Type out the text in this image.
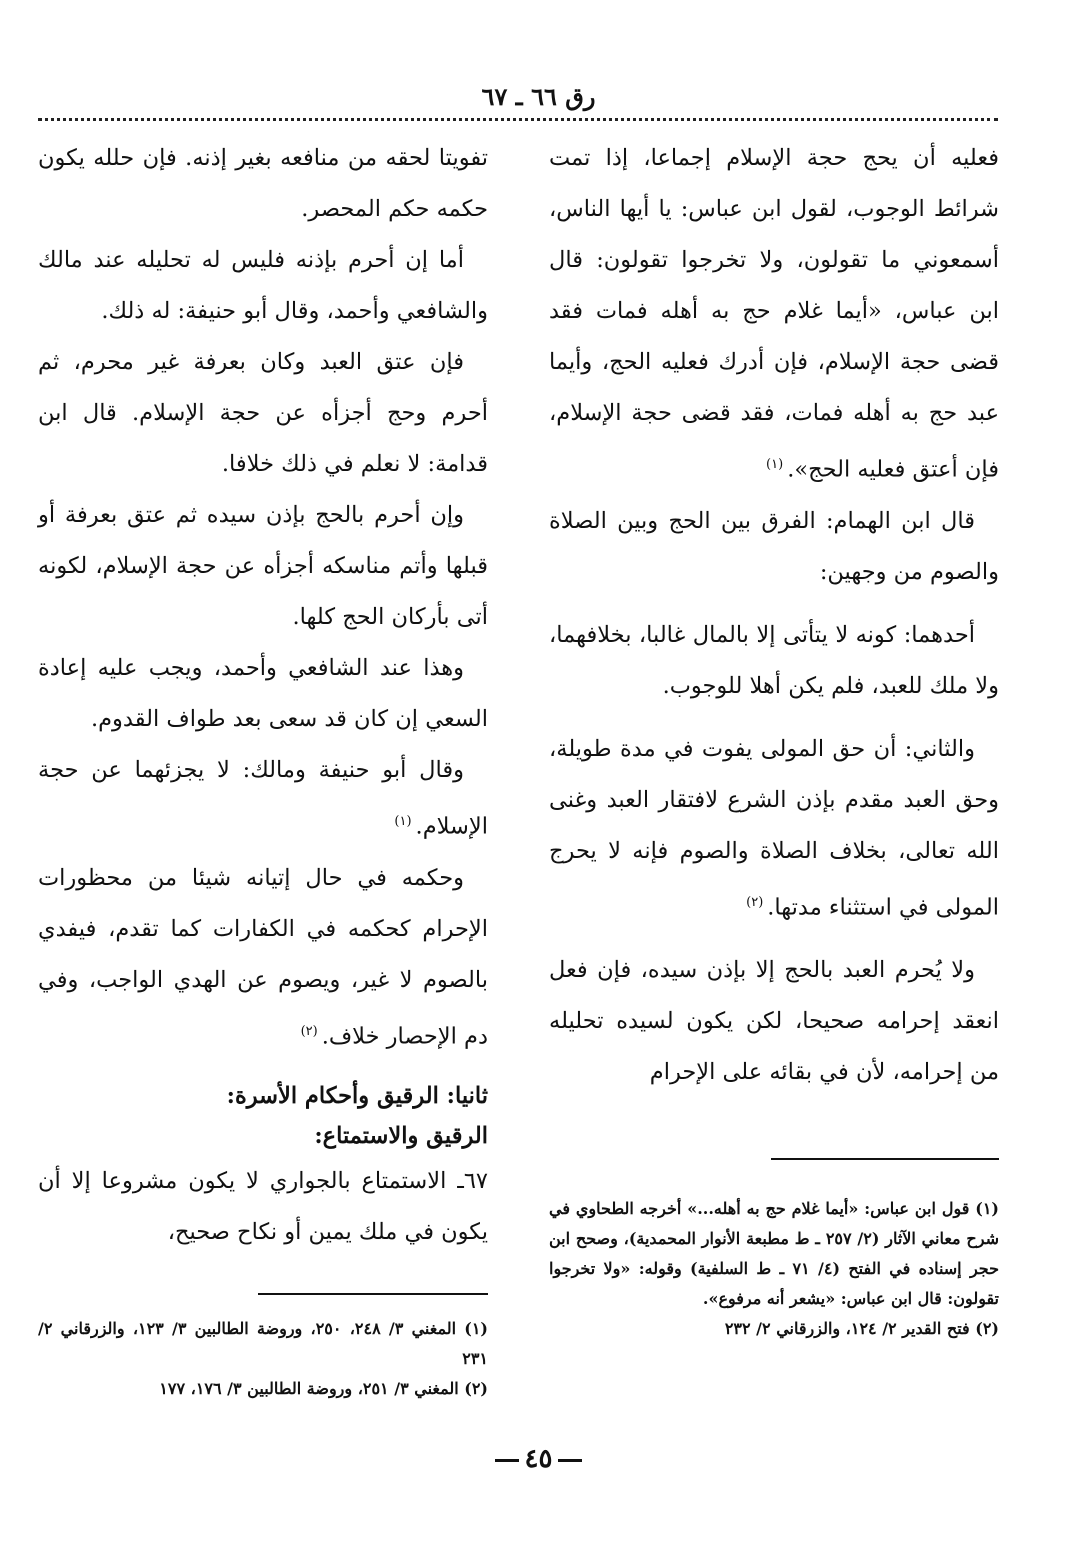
رق ٦٦ ـ ٦٧

فعليه أن يحج حجة الإسلام إجماعا، إذا تمت شرائط الوجوب، لقول ابن عباس: يا أيها الناس، أسمعوني ما تقولون، ولا تخرجوا تقولون: قال ابن عباس، «أيما غلام حج به أهله فمات فقد قضى حجة الإسلام، فإن أدرك فعليه الحج، وأيما عبد حج به أهله فمات، فقد قضى حجة الإسلام، فإن أعتق فعليه الحج».$^{(١)}$

قال ابن الهمام: الفرق بين الحج وبين الصلاة والصوم من وجهين:

أحدهما: كونه لا يتأتى إلا بالمال غالبا، بخلافهما، ولا ملك للعبد، فلم يكن أهلا للوجوب.

والثاني: أن حق المولى يفوت في مدة طويلة، وحق العبد مقدم بإذن الشرع لافتقار العبد وغنى الله تعالى، بخلاف الصلاة والصوم فإنه لا يحرج المولى في استثناء مدتها.$^{(٢)}$

ولا يُحرم العبد بالحج إلا بإذن سيده، فإن فعل انعقد إحرامه صحيحا، لكن يكون لسيده تحليله من إحرامه، لأن في بقائه على الإحرام

(١) قول ابن عباس: «أيما غلام حج به أهله...» أخرجه الطحاوي في شرح معاني الآثار (٢/ ٢٥٧ ـ ط مطبعة الأنوار المحمدية)، وصحح ابن حجر إسناده في الفتح (٤/ ٧١ ـ ط السلفية) وقوله: «ولا تخرجوا تقولون: قال ابن عباس: «يشعر أنه مرفوع».

(٢) فتح القدير ٢/ ١٢٤، والزرقاني ٢/ ٢٣٢

تفويتا لحقه من منافعه بغير إذنه. فإن حلله يكون حكمه حكم المحصر.

أما إن أحرم بإذنه فليس له تحليله عند مالك والشافعي وأحمد، وقال أبو حنيفة: له ذلك.

فإن عتق العبد وكان بعرفة غير محرم، ثم أحرم وحج أجزأه عن حجة الإسلام. قال ابن قدامة: لا نعلم في ذلك خلافا.

وإن أحرم بالحج بإذن سيده ثم عتق بعرفة أو قبلها وأتم مناسكه أجزأه عن حجة الإسلام، لكونه أتى بأركان الحج كلها.

وهذا عند الشافعي وأحمد، ويجب عليه إعادة السعي إن كان قد سعى بعد طواف القدوم.

وقال أبو حنيفة ومالك: لا يجزئهما عن حجة الإسلام.$^{(١)}$

وحكمه في حال إتيانه شيئا من محظورات الإحرام كحكمه في الكفارات كما تقدم، فيفدي بالصوم لا غير، ويصوم عن الهدي الواجب، وفي دم الإحصار خلاف.$^{(٢)}$

ثانيا: الرقيق وأحكام الأسرة:
الرقيق والاستمتاع:

٦٧ـ الاستمتاع بالجواري لا يكون مشروعا إلا أن يكون في ملك يمين أو نكاح صحيح،

(١) المغني ٣/ ٢٤٨، ٢٥٠، وروضة الطالبين ٣/ ١٢٣، والزرقاني ٢/ ٢٣١

(٢) المغني ٣/ ٢٥١، وروضة الطالبين ٣/ ١٧٦، ١٧٧

٤٥
